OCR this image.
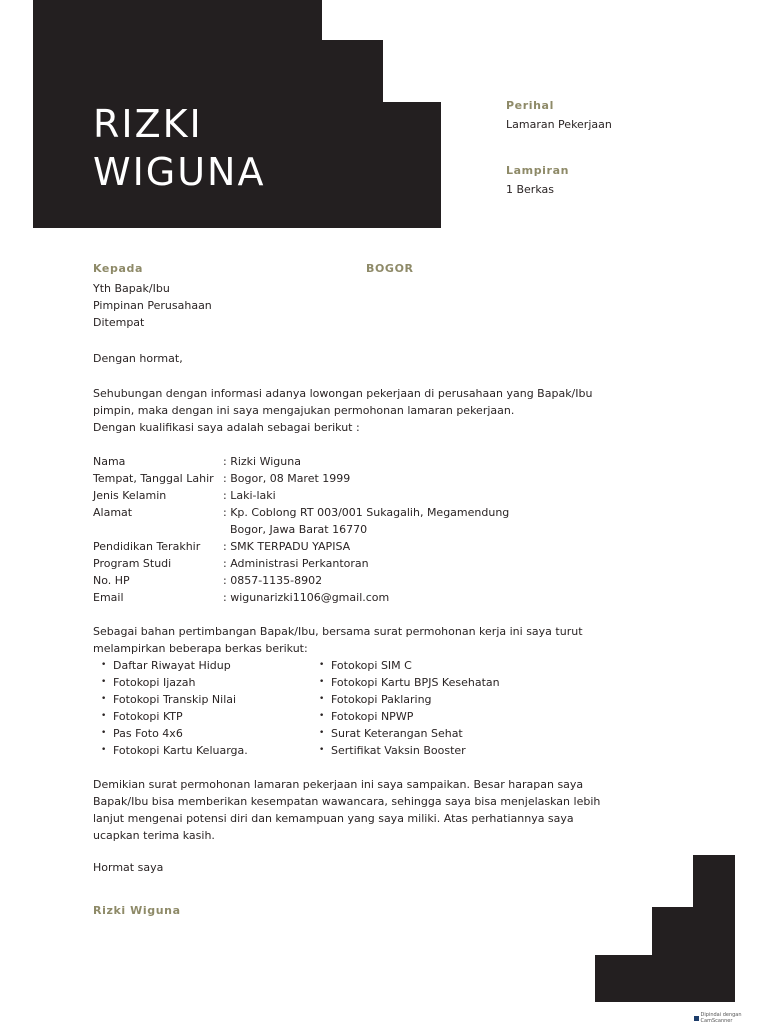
RIZKI
WIGUNA
Perihal
Lamaran Pekerjaan
Lampiran
1 Berkas
Kepada	BOGOR

Yth Bapak/Ibu

Pimpinan Perusahaan

Ditempat

Dengan hormat,

Sehubungan dengan informasi adanya lowongan pekerjaan di perusahaan yang Bapak/Ibu

pimpin, maka dengan ini saya mengajukan permohonan lamaran pekerjaan.

Dengan kualifikasi saya adalah sebagai berikut :

Nama	: Rizki Wiguna
Tempat, Tanggal Lahir : Bogor, 08 Maret 1999
Jenis Kelamin	: Laki-laki
Alamat	: Kp. Coblong RT 003/001 Sukagalih, Megamendung
Bogor, Jawa Barat 16770
Pendidikan Terakhir	: SMK TERPADU YAPISA
Program Studi	: Administrasi Perkantoran
No. HP	: 0857-1135-8902
Email	: wigunarizki1106@gmail.com

Sebagai bahan pertimbangan Bapak/Ibu, bersama surat permohonan kerja ini saya turut

melampirkan beberapa berkas berikut:

• Daftar Riwayat Hidup
• Fotokopi Ijazah
• Fotokopi Transkip Nilai
• Fotokopi KTP
• Pas Foto 4x6
• Fotokopi Kartu Keluarga.
• Fotokopi SIM C
• Fotokopi Kartu BPJS Kesehatan
• Fotokopi Paklaring
• Fotokopi NPWP
• Surat Keterangan Sehat
• Sertifikat Vaksin Booster

Demikian surat permohonan lamaran pekerjaan ini saya sampaikan. Besar harapan saya

Bapak/Ibu bisa memberikan kesempatan wawancara, sehingga saya bisa menjelaskan lebih

lanjut mengenai potensi diri dan kemampuan yang saya miliki. Atas perhatiannya saya

ucapkan terima kasih.

Hormat saya
Rizki Wiguna
Dipindai dengan CamScanner
